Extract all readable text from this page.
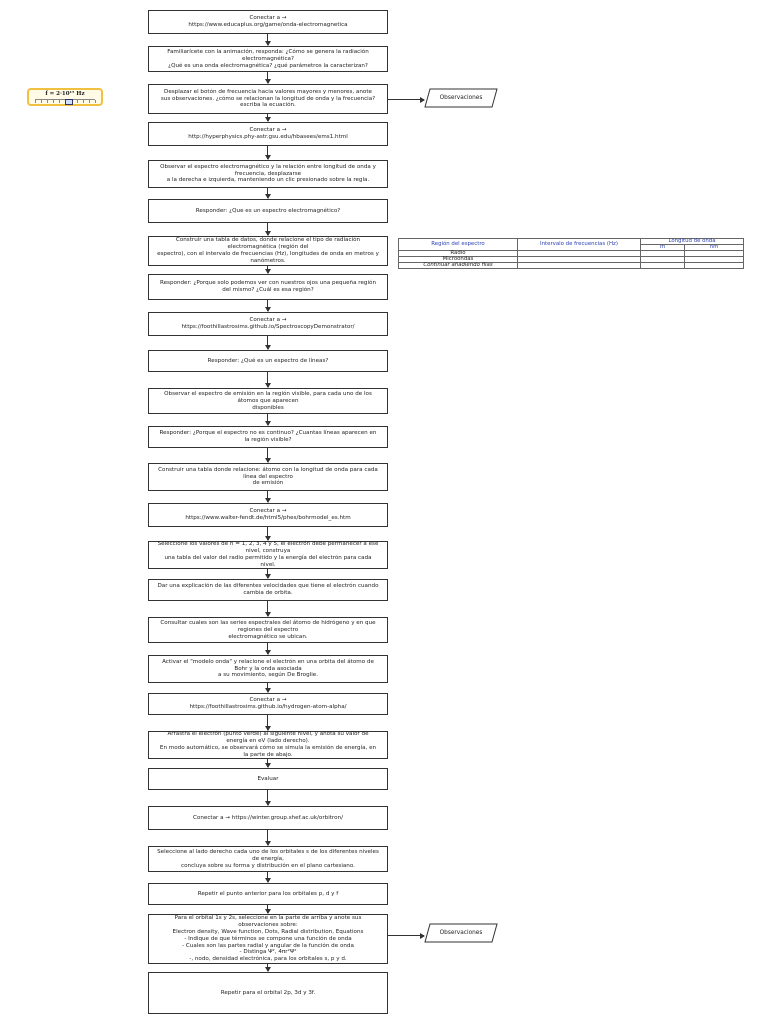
Conectar a →
https://www.educaplus.org/game/onda-electromagnetica
Familiarícete con la animación, responda: ¿Cómo se genera la radiación electromagnética?
¿Qué es una onda electromagnética? ¿qué parámetros la caracterizan?
Desplazar el botón de frecuencia hacia valores mayores y menores, anote
sus observaciones. ¿cómo se relacionan la longitud de onda y la frecuencia? escriba la ecuación.
Conectar a →
http://hyperphysics.phy-astr.gsu.edu/hbasees/ems1.html
Observar el espectro electromagnético y la relación entre longitud de onda y frecuencia, desplazarse
a la derecha e izquierda, manteniendo un clic presionado sobre la regla.
Responder: ¿Que es un espectro electromagnético?
Construir una tabla de datos, donde relacione el tipo de radiación electromagnética (región del
espectro), con el intervalo de frecuencias (Hz), longitudes de onda en metros y nanómetros.
Responder: ¿Porque solo podemos ver con nuestros ojos una pequeña región del mismo? ¿Cuál es esa región?
Conectar a →
https://foothillastrosims.github.io/SpectroscopyDemonstrator/
Responder: ¿Qué es un espectro de líneas?
Observar el espectro de emisión en la región visible, para cada uno de los átomos que aparecen
disponibles
Responder: ¿Porque el espectro no es continuo? ¿Cuantas líneas aparecen en la región visible?
Construir una tabla donde relacione: átomo con la longitud de onda para cada línea del espectro
de emisión
Conectar a →
https://www.walter-fendt.de/html5/phes/bohrmodel_es.htm
Seleccione los valores de n = 1, 2, 3, 4 y 5, el electrón debe permanecer a ese nivel, construya
una tabla del valor del radio permitido y la energía del electrón para cada nivel.
Dar una explicación de las diferentes velocidades que tiene el electrón cuando cambia de orbita.
Consultar cuales son las series espectrales del átomo de hidrógeno y en que regiones del espectro
electromagnético se ubican.
Activar el "modelo onda" y relacione el electrón en una orbita del átomo de Bohr y la onda asociada
a su movimiento, según De Broglie.
Conectar a →
https://foothillastrosims.github.io/hydrogen-atom-alpha/
Arrastra el electrón (punto verde) al siguiente nivel, y anota su valor de energía en eV (lado derecho).
En modo automático, se observará cómo se simula la emisión de energía, en la parte de abajo.
Evaluar
Conectar a → https://winter.group.shef.ac.uk/orbitron/
Seleccione al lado derecho cada uno de los orbitales s de los diferentes niveles de energía,
concluya sobre su forma y distribución en el plano cartesiano.
Repetir el punto anterior para los orbitales p, d y f
Para el orbital 1s y 2s, seleccione en la parte de arriba y anote sus observaciones sobre:
Electron density, Wave function, Dots, Radial distribution, Equations
- Indique de que términos se compone una función de onda
- Cuales son las partes radial y angular de la función de onda
- Distinga Ψ², 4πr²Ψ²
-, nodo, densidad electrónica, para los orbitales s, p y d.
Repetir para el orbital 2p, 3d y 3f.
f = 2·10¹⁵ Hz
Región del espectro	Intervalo de frecuencias (Hz)	Longitud de onda	
		m	nm
Radio			
Microondas			
Continuar añadiendo filas			
Observaciones
Observaciones
